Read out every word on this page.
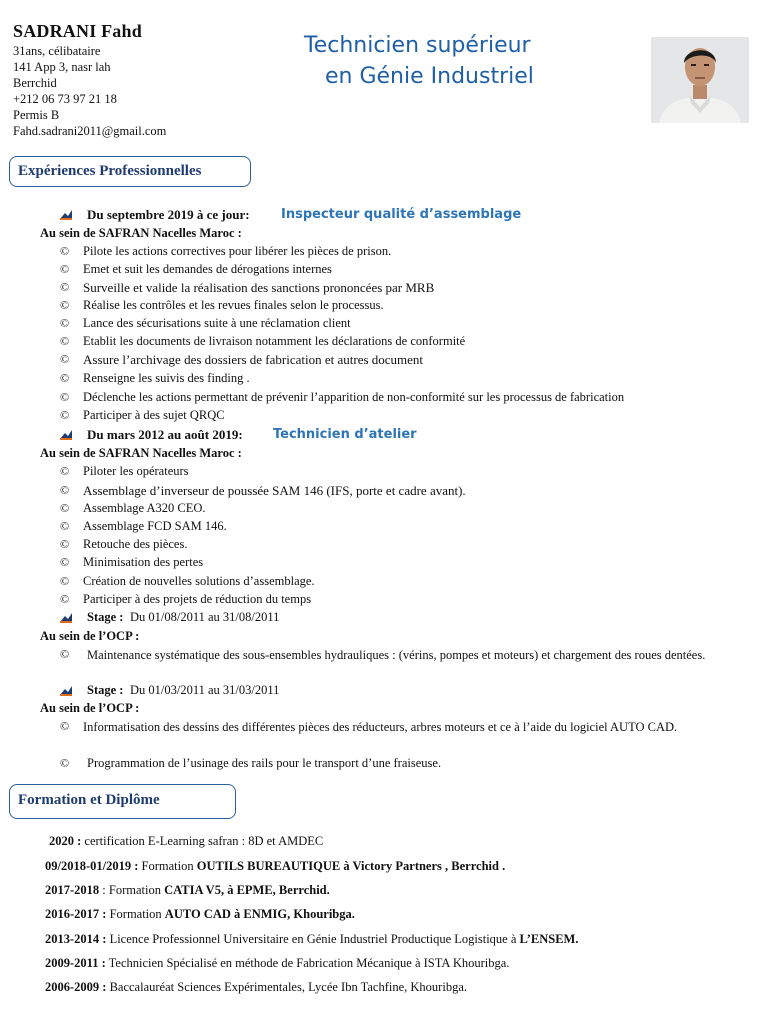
SADRANI Fahd
31ans, célibataire
141 App 3, nasr lah
Berrchid
+212 06 73 97 21 18
Permis B
Fahd.sadrani2011@gmail.com
Technicien supérieur
en Génie Industriel
Expériences Professionnelles
Du septembre 2019 à ce jour: Inspecteur qualité d’assemblage
Au sein de SAFRAN Nacelles Maroc :
© Pilote les actions correctives pour libérer les pièces de prison.
© Emet et suit les demandes de dérogations internes
© Surveille et valide la réalisation des sanctions prononcées par MRB
© Réalise les contrôles et les revues finales selon le processus.
© Lance des sécurisations suite à une réclamation client
© Etablit les documents de livraison notamment les déclarations de conformité
© Assure l’archivage des dossiers de fabrication et autres document
© Renseigne les suivis des finding .
© Déclenche les actions permettant de prévenir l’apparition de non-conformité sur les processus de fabrication
© Participer à des sujet QRQC
Du mars 2012 au août 2019: Technicien d’atelier
Au sein de SAFRAN Nacelles Maroc :
© Piloter les opérateurs
© Assemblage d’inverseur de poussée SAM 146 (IFS, porte et cadre avant).
© Assemblage A320 CEO.
© Assemblage FCD SAM 146.
© Retouche des pièces.
© Minimisation des pertes
© Création de nouvelles solutions d’assemblage.
© Participer à des projets de réduction du temps
Stage : Du 01/08/2011 au 31/08/2011
Au sein de l’OCP :
© Maintenance systématique des sous-ensembles hydrauliques : (vérins, pompes et moteurs) et chargement des roues dentées.
Stage : Du 01/03/2011 au 31/03/2011
Au sein de l’OCP :
© Informatisation des dessins des différentes pièces des réducteurs, arbres moteurs et ce à l’aide du logiciel AUTO CAD.
© Programmation de l’usinage des rails pour le transport d’une fraiseuse.
Formation et Diplôme
2020 : certification E-Learning safran : 8D et AMDEC
09/2018-01/2019 : Formation OUTILS BUREAUTIQUE à Victory Partners , Berrchid .
2017-2018 : Formation CATIA V5, à EPME, Berrchid.
2016-2017 : Formation AUTO CAD à ENMIG, Khouribga.
2013-2014 : Licence Professionnel Universitaire en Génie Industriel Productique Logistique à L’ENSEM.
2009-2011 : Technicien Spécialisé en méthode de Fabrication Mécanique à ISTA Khouribga.
2006-2009 : Baccalauréat Sciences Expérimentales, Lycée Ibn Tachfine, Khouribga.
